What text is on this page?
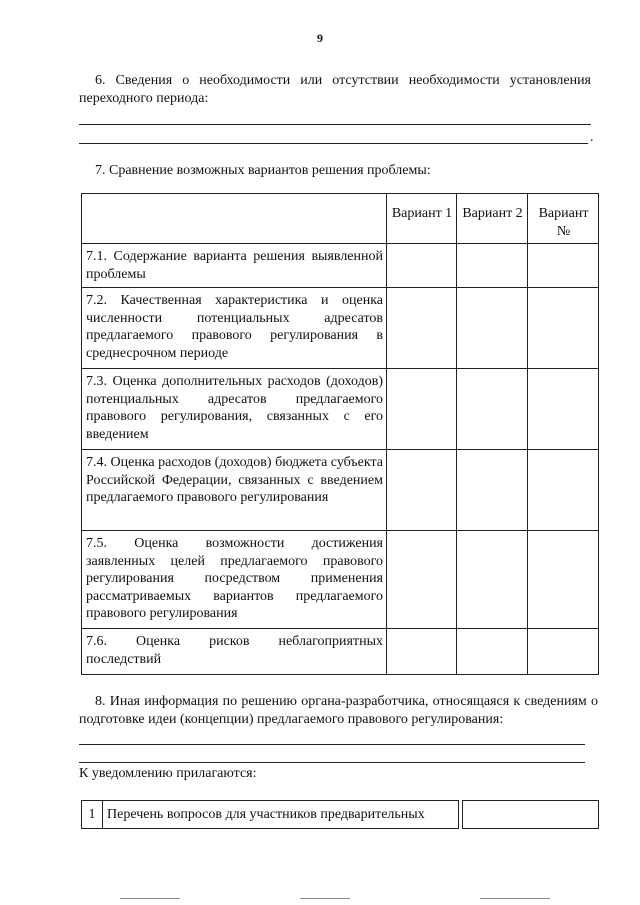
9
6. Сведения о необходимости или отсутствии необходимости установления переходного периода:
.
7. Сравнение возможных вариантов решения проблемы:
	Вариант 1	Вариант 2	Вариант №
7.1. Содержание варианта решения выявленной проблемы			
7.2. Качественная характеристика и оценка численности потенциальных адресатов предлагаемого правового регулирования в среднесрочном периоде			
7.3. Оценка дополнительных расходов (доходов) потенциальных адресатов предлагаемого правового регулирования, связанных с его введением			
7.4. Оценка расходов (доходов) бюджета субъекта Российской Федерации, связанных с введением предлагаемого правового регулирования			
7.5. Оценка возможности достижения заявленных целей предлагаемого правового регулирования посредством применения рассматриваемых вариантов предлагаемого правового регулирования			
7.6. Оценка рисков неблагоприятных последствий			
8. Иная информация по решению органа-разработчика, относящаяся к сведениям о подготовке идеи (концепции) предлагаемого правового регулирования:
К уведомлению прилагаются:
1	Перечень вопросов для участников предварительных		
